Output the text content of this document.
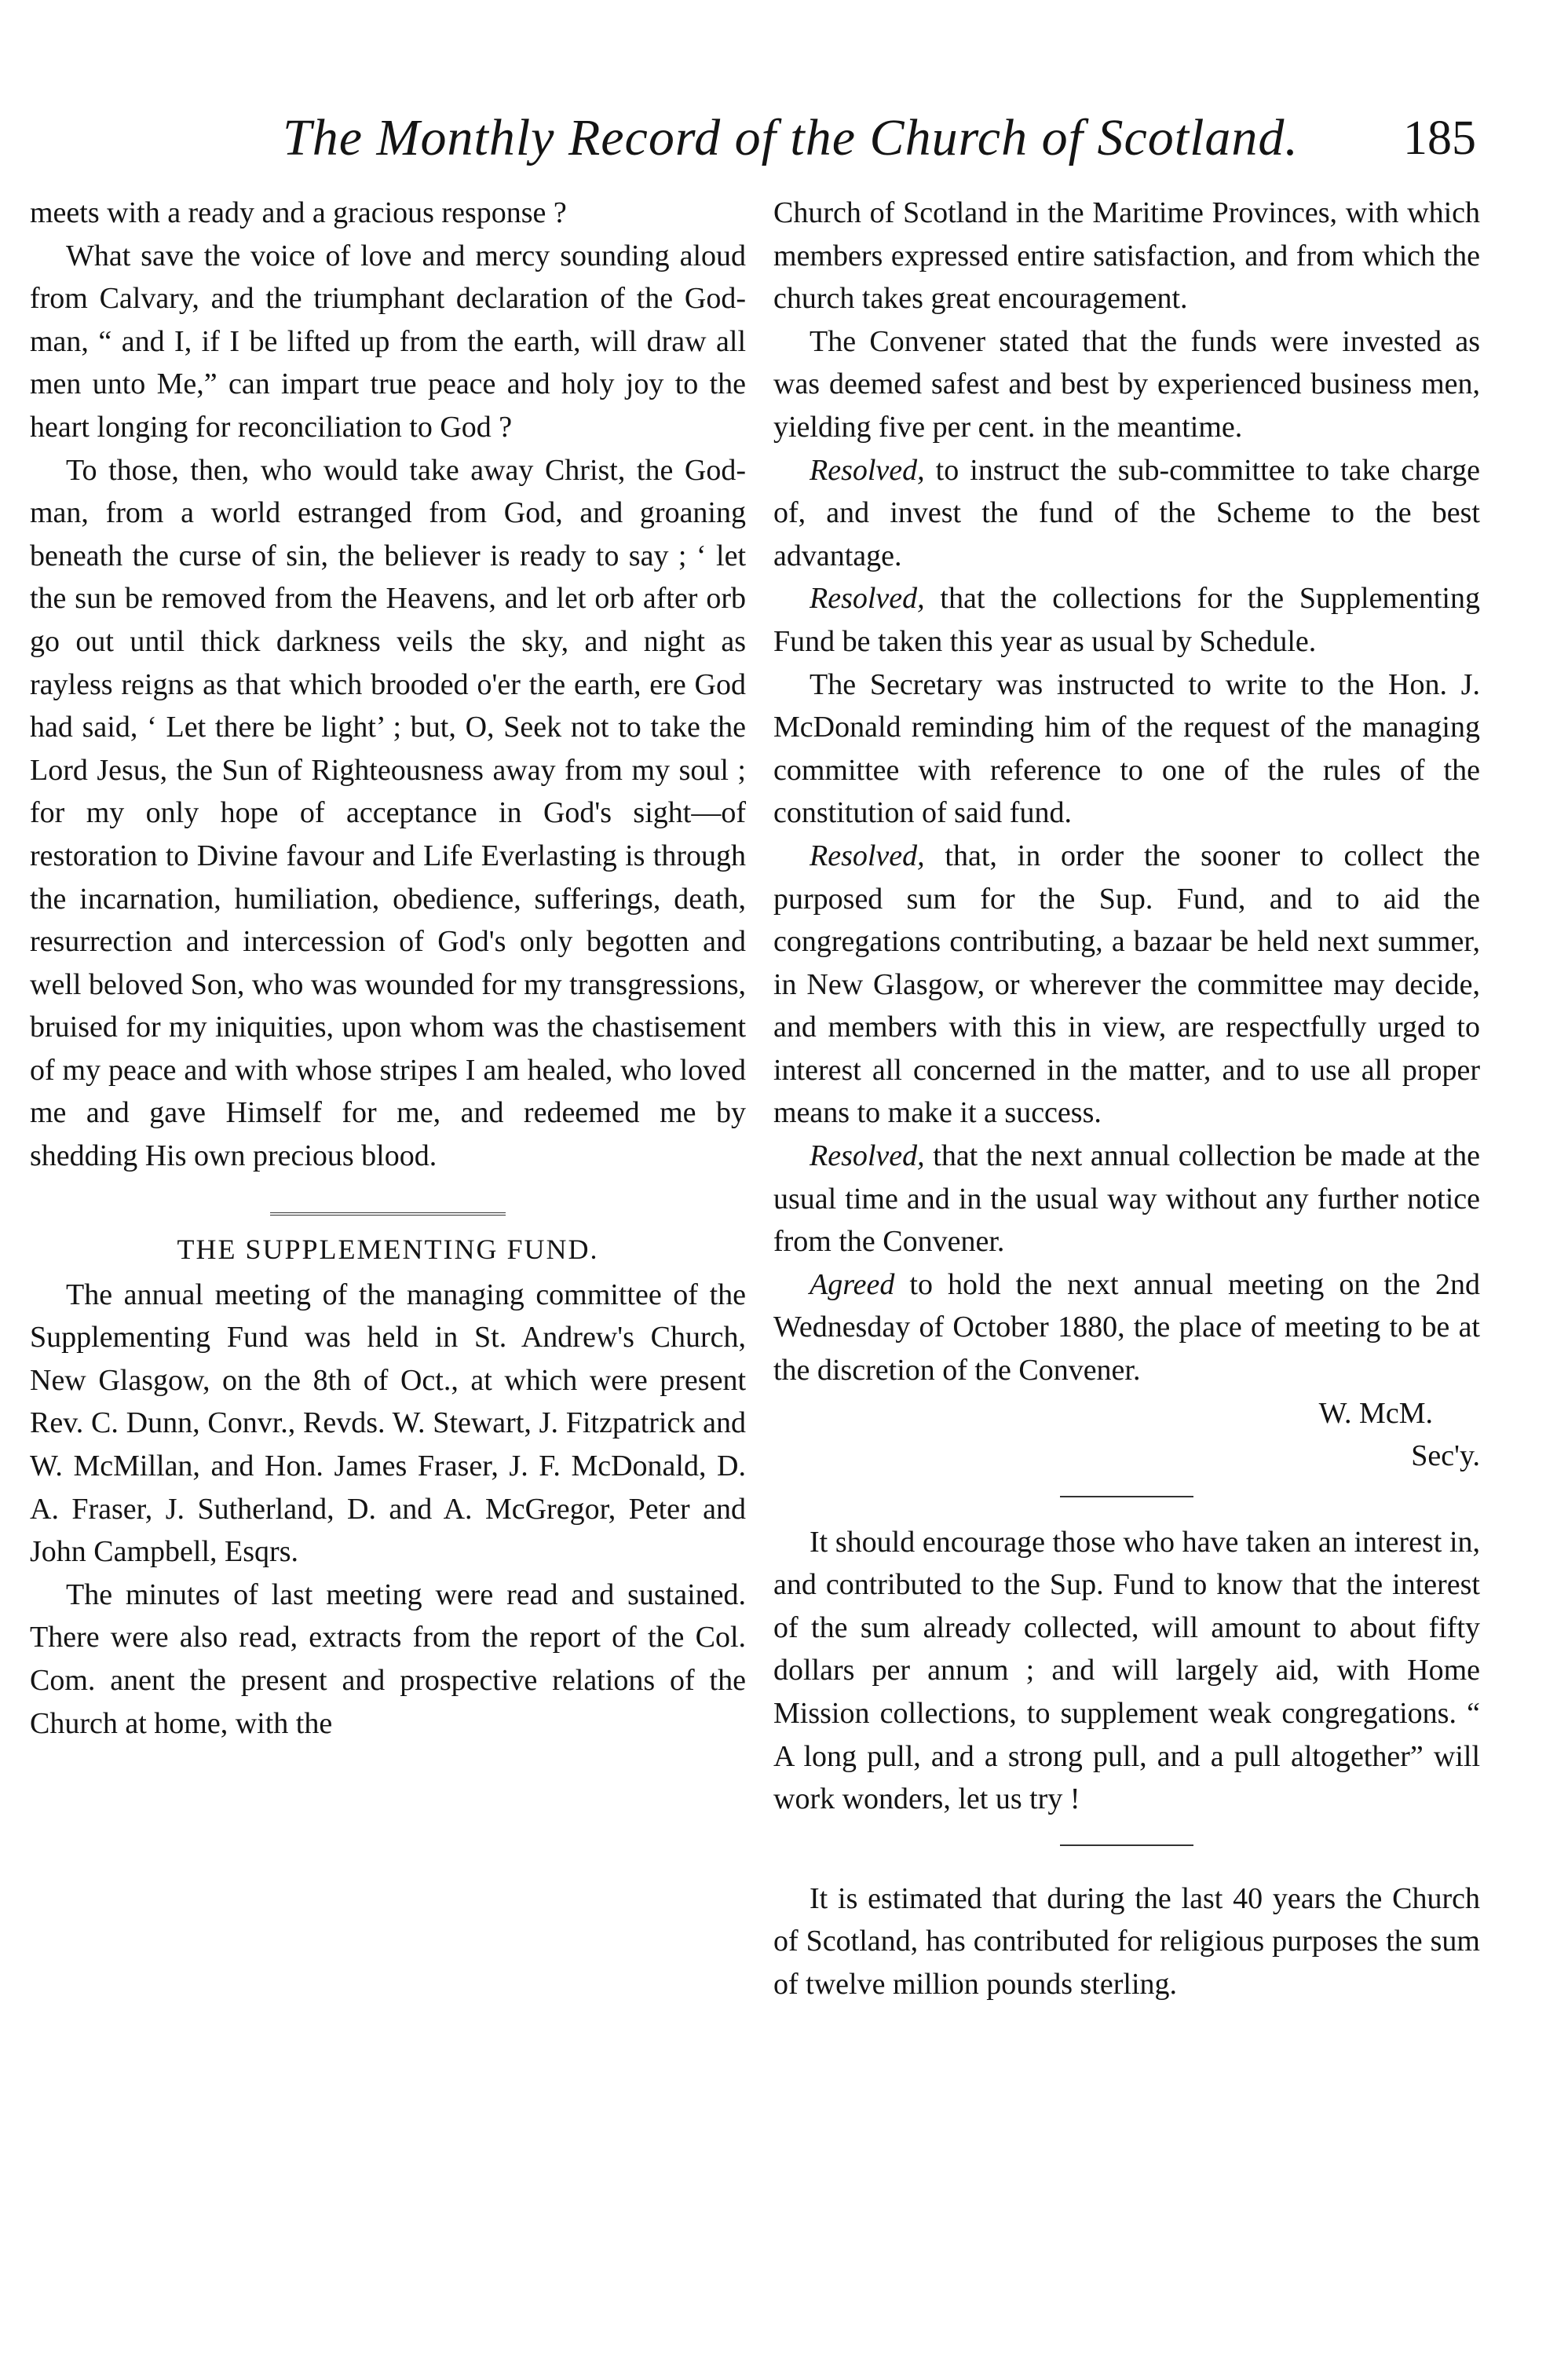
The Monthly Record of the Church of Scotland. 185

meets with a ready and a gracious response ?

What save the voice of love and mercy sounding aloud from Calvary, and the triumphant declaration of the God-man, “ and I, if I be lifted up from the earth, will draw all men unto Me,” can impart true peace and holy joy to the heart longing for reconciliation to God ?

To those, then, who would take away Christ, the God-man, from a world estranged from God, and groaning beneath the curse of sin, the believer is ready to say ; ‘ let the sun be removed from the Heavens, and let orb after orb go out until thick darkness veils the sky, and night as rayless reigns as that which brooded o'er the earth, ere God had said, ‘ Let there be light’ ; but, O, Seek not to take the Lord Jesus, the Sun of Righteousness away from my soul ; for my only hope of acceptance in God's sight—of restoration to Divine favour and Life Everlasting is through the incarnation, humiliation, obedience, sufferings, death, resurrection and intercession of God's only begotten and well beloved Son, who was wounded for my transgressions, bruised for my iniquities, upon whom was the chastisement of my peace and with whose stripes I am healed, who loved me and gave Himself for me, and redeemed me by shedding His own precious blood.

THE SUPPLEMENTING FUND.

The annual meeting of the managing committee of the Supplementing Fund was held in St. Andrew's Church, New Glasgow, on the 8th of Oct., at which were present Rev. C. Dunn, Convr., Revds. W. Stewart, J. Fitzpatrick and W. McMillan, and Hon. James Fraser, J. F. McDonald, D. A. Fraser, J. Sutherland, D. and A. McGregor, Peter and John Campbell, Esqrs.

The minutes of last meeting were read and sustained. There were also read, extracts from the report of the Col. Com. anent the present and prospective relations of the Church at home, with the

Church of Scotland in the Maritime Provinces, with which members expressed entire satisfaction, and from which the church takes great encouragement.

The Convener stated that the funds were invested as was deemed safest and best by experienced business men, yielding five per cent. in the meantime.

Resolved, to instruct the sub-committee to take charge of, and invest the fund of the Scheme to the best advantage.

Resolved, that the collections for the Supplementing Fund be taken this year as usual by Schedule.

The Secretary was instructed to write to the Hon. J. McDonald reminding him of the request of the managing committee with reference to one of the rules of the constitution of said fund.

Resolved, that, in order the sooner to collect the purposed sum for the Sup. Fund, and to aid the congregations contributing, a bazaar be held next summer, in New Glasgow, or wherever the committee may decide, and members with this in view, are respectfully urged to interest all concerned in the matter, and to use all proper means to make it a success.

Resolved, that the next annual collection be made at the usual time and in the usual way without any further notice from the Convener.

Agreed to hold the next annual meeting on the 2nd Wednesday of October 1880, the place of meeting to be at the discretion of the Convener.

W. McM.
Sec'y.

It should encourage those who have taken an interest in, and contributed to the Sup. Fund to know that the interest of the sum already collected, will amount to about fifty dollars per annum ; and will largely aid, with Home Mission collections, to supplement weak congregations. “ A long pull, and a strong pull, and a pull altogether” will work wonders, let us try !

It is estimated that during the last 40 years the Church of Scotland, has contributed for religious purposes the sum of twelve million pounds sterling.
